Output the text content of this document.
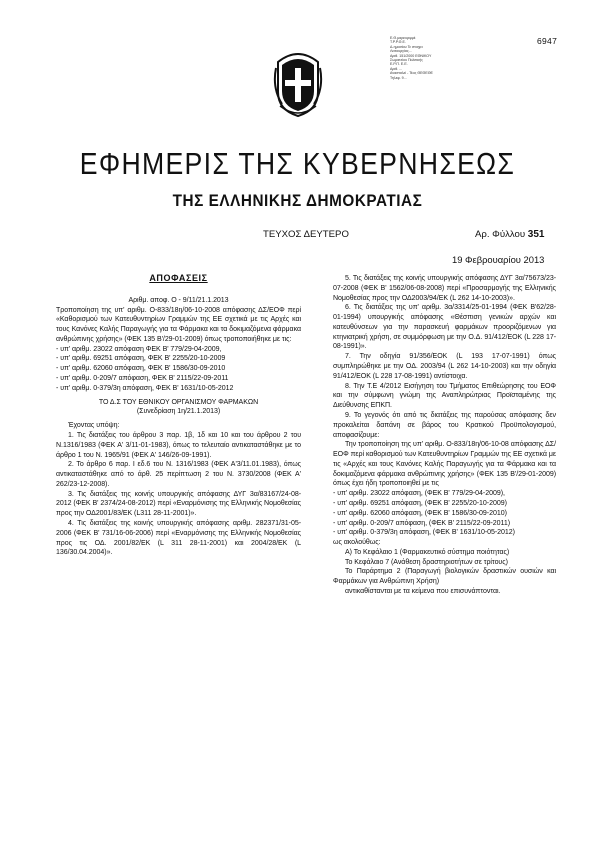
Ε.Θ.μαρευριμμέ
Τ.Ρ.Ρ.Θ.Ε.
Δ-ημοσίου Τε στοιχει
Λειτουργίας...
Αριθ. 151/2000 ΕΘΝΙΚΟΥ
Σωματείου Πολιτικής
Ε.Ρ.Π. Ε.Ε.
Αριθ. ...
Ανασταλεί - Τέος ΘΕΘΕΘΕ
Τηλεφ. 9...
6947
ΕΦΗΜΕΡΙΣ ΤΗΣ ΚΥΒΕΡΝΗΣΕΩΣ
ΤΗΣ ΕΛΛΗΝΙΚΗΣ ΔΗΜΟΚΡΑΤΙΑΣ
ΤΕΥΧΟΣ ΔΕΥΤΕΡΟ	Αρ. Φύλλου 351
19 Φεβρουαρίου 2013
ΑΠΟΦΑΣΕΙΣ

Αριθμ. αποφ. Ο - 9/11/21.1.2013

Τροποποίηση της υπ' αριθμ. Ο-833/18η/06-10-2008 απόφασης ΔΣ/ΕΟΦ περί «Καθορισμού των Κατευθυντηρίων Γραμμών της ΕΕ σχετικά με τις Αρχές και τους Κανόνες Καλής Παραγωγής για τα Φάρμακα και τα δοκιμαζόμενα φάρμακα ανθρώπινης χρήσης» (ΦΕΚ 135 Β'/29-01-2009) όπως τροποποιήθηκε με τις:

- υπ' αριθμ. 23022 απόφαση ΦΕΚ Β' 779/29-04-2009,

- υπ' αριθμ. 69251 απόφαση, ΦΕΚ Β' 2255/20-10-2009

- υπ' αριθμ. 62060 απόφαση, ΦΕΚ Β' 1586/30-09-2010

- υπ' αριθμ. 0-209/7 απόφαση, ΦΕΚ Β' 2115/22-09-2011

- υπ' αριθμ. 0-379/3η απόφαση, ΦΕΚ Β' 1631/10-05-2012

ΤΟ Δ.Σ ΤΟΥ ΕΘΝΙΚΟΥ ΟΡΓΑΝΙΣΜΟΥ ΦΑΡΜΑΚΩΝ

(Συνεδρίαση 1η/21.1.2013)

Έχοντας υπόψη:

1. Τις διατάξεις του άρθρου 3 παρ. 1β, 1δ και 10 και του άρθρου 2 του Ν.1316/1983 (ΦΕΚ Α' 3/11-01-1983), όπως το τελευταίο αντικαταστάθηκε με το άρθρο 1 του Ν. 1965/91 (ΦΕΚ Α' 146/26-09-1991).

2. Το άρθρο 6 παρ. Ι εδ.6 του Ν. 1316/1983 (ΦΕΚ Α'3/11.01.1983), όπως αντικαταστάθηκε από το άρθ. 25 περίπτωση 2 του Ν. 3730/2008 (ΦΕΚ Α' 262/23-12-2008).

3. Τις διατάξεις της κοινής υπουργικής απόφασης ΔΥΓ 3α/83167/24-08-2012 (ΦΕΚ Β' 2374/24-08-2012) περί «Εναρμόνισης της Ελληνικής Νομοθεσίας προς την ΟΔ2001/83/ΕΚ (L311 28-11-2001)».

4. Τις διατάξεις της κοινής υπουργικής απόφασης αριθμ. 282371/31-05-2006 (ΦΕΚ Β' 731/16-06-2006) περί «Εναρμόνισης της Ελληνικής Νομοθεσίας προς τις ΟΔ. 2001/82/ΕΚ (L 311 28-11-2001) και 2004/28/ΕΚ (L 136/30.04.2004)».

5. Τις διατάξεις της κοινής υπουργικής απόφασης ΔΥΓ 3α/75673/23-07-2008 (ΦΕΚ Β' 1562/06-08-2008) περί «Προσαρμογής της Ελληνικής Νομοθεσίας προς την ΟΔ2003/94/ΕΚ (L 262 14-10-2003)».

6. Τις διατάξεις της υπ' αριθμ. 3α/3314/25-01-1994 (ΦΕΚ Β'62/28-01-1994) υπουργικής απόφασης «Θέσπιση γενικών αρχών και κατευθύνσεων για την παρασκευή φαρμάκων προοριζόμενων για κτηνιατρική χρήση, σε συμμόρφωση με την Ο.Δ. 91/412/ΕΟΚ (L 228 17-08-1991)».

7. Την οδηγία 91/356/ΕΟΚ (L 193 17-07-1991) όπως συμπληρώθηκε με την ΟΔ. 2003/94 (L 262 14-10-2003) και την οδηγία 91/412/ΕΟΚ (L 228 17-08-1991) αντίστοιχα.

8. Την Τ.Ε 4/2012 Εισήγηση του Τμήματος Επιθεώρησης του ΕΟΦ και την σύμφωνη γνώμη της Αναπληρώτριας Προϊσταμένης της Διεύθυνσης ΕΠΚΠ.

9. Το γεγονός ότι από τις διατάξεις της παρούσας απόφασης δεν προκαλείται δαπάνη σε βάρος του Κρατικού Προϋπολογισμού, αποφασίζουμε:

Την τροποποίηση της υπ' αριθμ. Ο-833/18η/06-10-08 απόφασης ΔΣ/ΕΟΦ περί καθορισμού των Κατευθυντηρίων Γραμμών της ΕΕ σχετικά με τις «Αρχές και τους Κανόνες Καλής Παραγωγής για τα Φάρμακα και τα δοκιμαζόμενα φάρμακα ανθρώπινης χρήσης» (ΦΕΚ 135 Β'/29-01-2009) όπως έχει ήδη τροποποιηθεί με τις

- υπ' αριθμ. 23022 απόφαση, (ΦΕΚ Β' 779/29-04-2009),

- υπ' αριθμ. 69251 απόφαση, (ΦΕΚ Β' 2255/20-10-2009)

- υπ' αριθμ. 62060 απόφαση, (ΦΕΚ Β' 1586/30-09-2010)

- υπ' αριθμ. 0-209/7 απόφαση, (ΦΕΚ Β' 2115/22-09-2011)

- υπ' αριθμ. 0-379/3η απόφαση, (ΦΕΚ Β' 1631/10-05-2012)

ως ακολούθως:

Α) Το Κεφάλαιο 1 (Φαρμακευτικό σύστημα ποιότητας)

Το Κεφάλαιο 7 (Ανάθεση δραστηριοτήτων σε τρίτους)

Το Παράρτημα 2 (Παραγωγή βιολογικών δραστικών ουσιών και Φαρμάκων για Ανθρώπινη Χρήση)

αντικαθίστανται με τα κείμενα που επισυνάπτονται.
